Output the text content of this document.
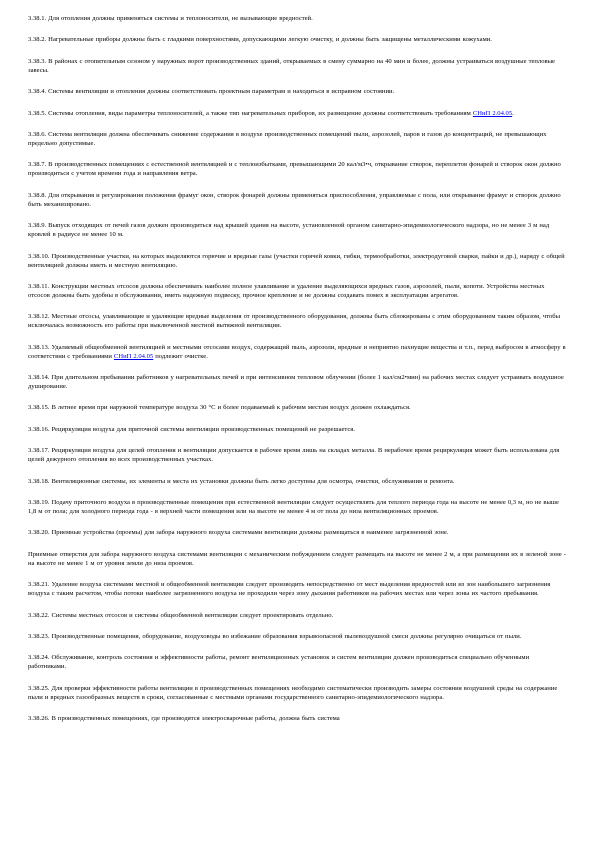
3.38.1. Для отопления должны применяться системы и теплоносители, не вызывающие вредностей.

3.38.2. Нагревательные приборы должны быть с гладкими поверхностями, допускающими легкую очистку, и должны быть защищены металлическими кожухами.

3.38.3. В районах с отопительным сезоном у наружных ворот производственных зданий, открываемых в смену суммарно на 40 мин и более, должны устраиваться воздушные тепловые завесы.

3.38.4. Системы вентиляции и отопления должны соответствовать проектным параметрам и находиться в исправном состоянии.

3.38.5. Системы отопления, виды параметры теплоносителей, а также тип нагревательных приборов, их размещение должны соответствовать требованиям СНиП 2.04.05.

3.38.6. Система вентиляции должна обеспечивать снижение содержания в воздухе производственных помещений пыли, аэрозолей, паров и газов до концентраций, не превышающих предельно допустимые.

3.38.7. В производственных помещениях с естественной вентиляцией и с теплоизбытками, превышающими 20 кал/м3•ч, открывание створок, переплетов фонарей и створок окон должно производиться с учетом времени года и направления ветра.

3.38.8. Для открывания и регулирования положения фрамуг окон, створок фонарей должны применяться приспособления, управляемые с пола, или открывание фрамуг и створок должно быть механизировано.

3.38.9. Выпуск отходящих от печей газов должен производиться над крышей здания на высоте, установленной органом санитарно-эпидемиологического надзора, но не менее 3 м над кровлей в радиусе не менее 10 м.

3.38.10. Производственные участки, на которых выделяются горючие и вредные газы (участки горячей ковки, гибки, термообработки, электродуговой сварки, пайки и др.), наряду с общей вентиляцией должны иметь и местную вентиляцию.

3.38.11. Конструкции местных отсосов должны обеспечивать наиболее полное улавливание и удаление выделяющихся вредных газов, аэрозолей, пыли, копоти. Устройства местных отсосов должны быть удобны в обслуживании, иметь надежную подвеску, прочное крепление и не должны создавать помех в эксплуатации агрегатов.

3.38.12. Местные отсосы, улавливающие и удаляющие вредные выделения от производственного оборудования, должны быть сблокированы с этим оборудованием таким образом, чтобы исключалась возможность его работы при выключенной местной вытяжной вентиляции.

3.38.13. Удаляемый общеобменной вентиляцией и местными отсосами воздух, содержащий пыль, аэрозоли, вредные и неприятно пахнущие вещества и т.п., перед выбросом в атмосферу в соответствии с требованиями СНиП 2.04.05 подлежит очистке.

3.38.14. При длительном пребывании работников у нагревательных печей и при интенсивном тепловом облучении (более 1 кал/см2•мин) на рабочих местах следует устраивать воздушное душирование.

3.38.15. В летнее время при наружной температуре воздуха 30 °С и более подаваемый к рабочим местам воздух должен охлаждаться.

3.38.16. Рециркуляция воздуха для приточной системы вентиляции производственных помещений не разрешается.

3.38.17. Рециркуляция воздуха для целей отопления и вентиляции допускается в рабочее время лишь на складах металла. В нерабочее время рециркуляция может быть использована для целей дежурного отопления во всех производственных участках.

3.38.18. Вентиляционные системы, их элементы и места их установки должны быть легко доступны для осмотра, очистки, обслуживания и ремонта.

3.38.19. Подачу приточного воздуха в производственные помещения при естественной вентиляции следует осуществлять для теплого периода года на высоте не менее 0,3 м, но не выше 1,8 м от пола; для холодного периода года - в верхней части помещения или на высоте не менее 4 м от пола до низа вентиляционных проемов.

3.38.20. Приемные устройства (проемы) для забора наружного воздуха системами вентиляции должны размещаться в наименее загрязненной зоне.

Приемные отверстия для забора наружного воздуха системами вентиляции с механическим побуждением следует размещать на высоте не менее 2 м, а при размещении их в зеленой зоне - на высоте не менее 1 м от уровня земли до низа проемов.

3.38.21. Удаление воздуха системами местной и общеобменной вентиляции следует производить непосредственно от мест выделения вредностей или из зон наибольшего загрязнения воздуха с таким расчетом, чтобы потоки наиболее загрязненного воздуха не проходили через зону дыхания работников на рабочих местах или через зоны их частого пребывания.

3.38.22. Системы местных отсосов и системы общеобменной вентиляции следует проектировать отдельно.

3.38.23. Производственные помещения, оборудование, воздуховоды во избежание образования взрывоопасной пылевоздушной смеси должны регулярно очищаться от пыли.

3.38.24. Обслуживание, контроль состояния и эффективности работы, ремонт вентиляционных установок и систем вентиляции должен производиться специально обученными работниками.

3.38.25. Для проверки эффективности работы вентиляции в производственных помещениях необходимо систематически производить замеры состояния воздушной среды на содержание пыли и вредных газообразных веществ в сроки, согласованные с местными органами государственного санитарно-эпидемиологического надзора.

3.38.26. В производственных помещениях, где производятся электросварочные работы, должна быть система
